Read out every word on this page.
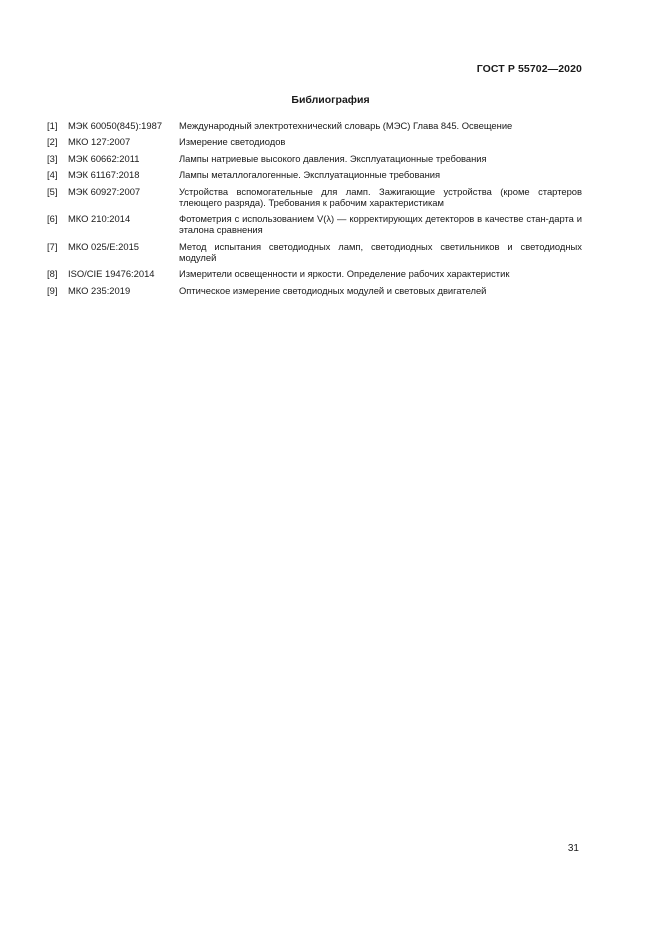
ГОСТ Р 55702—2020
Библиография
[1]	МЭК 60050(845):1987	Международный электротехнический словарь (МЭС) Глава 845. Освещение
[2]	МКО 127:2007	Измерение светодиодов
[3]	МЭК 60662:2011	Лампы натриевые высокого давления. Эксплуатационные требования
[4]	МЭК 61167:2018	Лампы металлогалогенные. Эксплуатационные требования
[5]	МЭК 60927:2007	Устройства вспомогательные для ламп. Зажигающие устройства (кроме стартеров тлеющего разряда). Требования к рабочим характеристикам
[6]	МКО 210:2014	Фотометрия с использованием V(λ) — корректирующих детекторов в качестве стан-дарта и эталона сравнения
[7]	МКО 025/E:2015	Метод испытания светодиодных ламп, светодиодных светильников и светодиодных модулей
[8]	ISO/CIE 19476:2014	Измерители освещенности и яркости. Определение рабочих характеристик
[9]	МКО 235:2019	Оптическое измерение светодиодных модулей и световых двигателей
31
